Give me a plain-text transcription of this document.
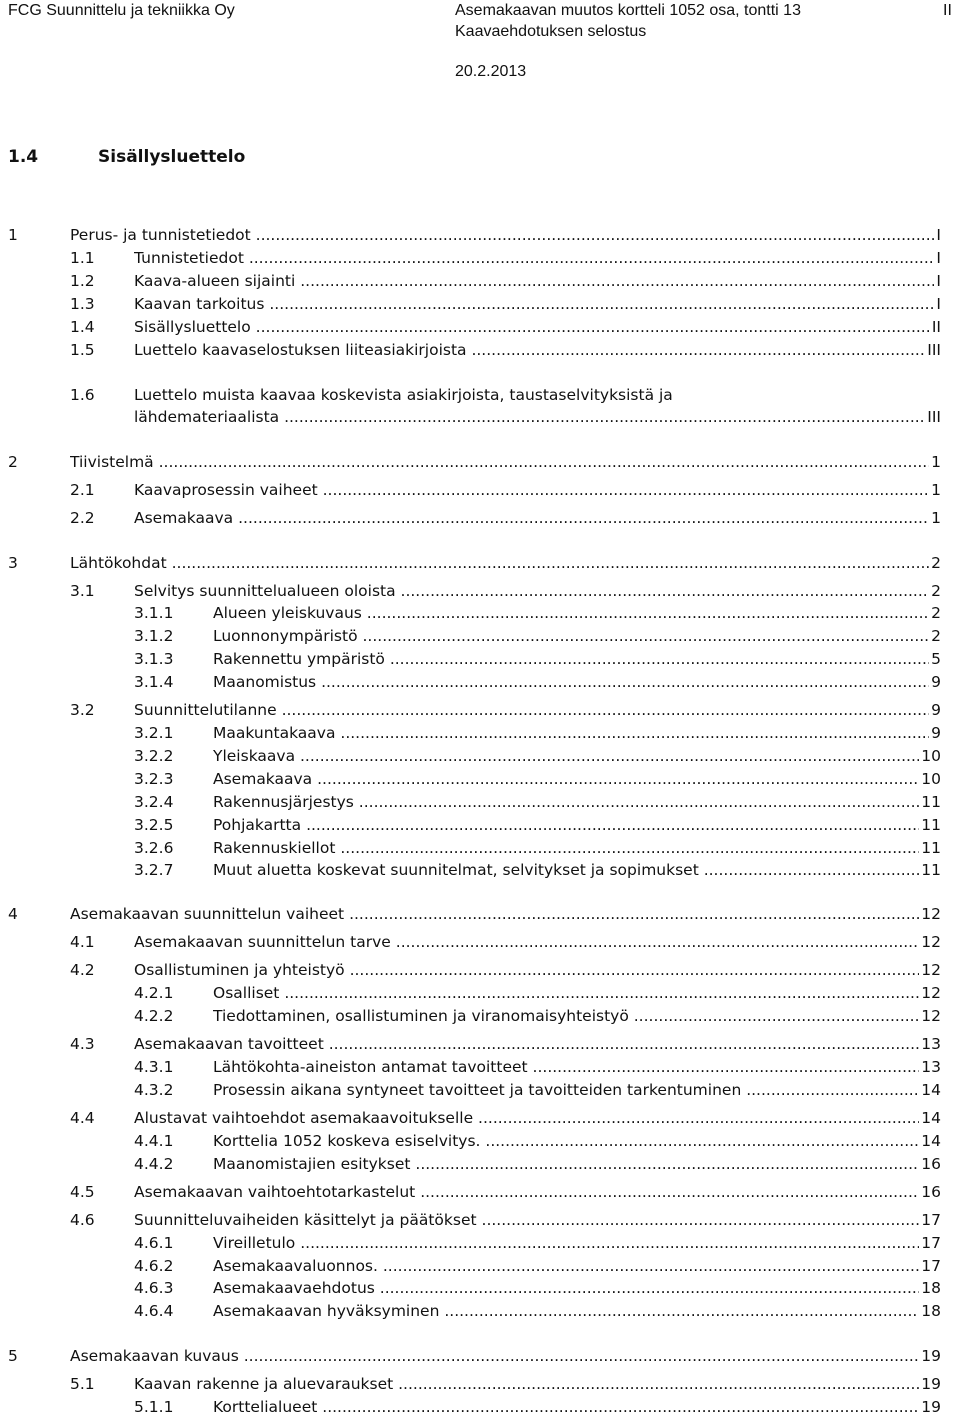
FCG Suunnittelu ja tekniikka Oy	Asemakaavan muutos kortteli 1052 osa, tontti 13
Kaavaehdotuksen selostus
II
20.2.2013
1.4	Sisällysluettelo
1	Perus- ja tunnistetiedot .....	I
1.1	Tunnistetiedot .....	I
1.2	Kaava-alueen sijainti .....	I
1.3	Kaavan tarkoitus .....	I
1.4	Sisällysluettelo .....	II
1.5	Luettelo kaavaselostuksen liiteasiakirjoista .....	III
1.6	Luettelo muista kaavaa koskevista asiakirjoista, taustaselvityksistä ja
lähdemateriaalista .....	III
2	Tiivistelmä .....	1
2.1	Kaavaprosessin vaiheet .....	1
2.2	Asemakaava .....	1
3	Lähtökohdat .....	2
3.1	Selvitys suunnittelualueen oloista .....	2
3.1.1	Alueen yleiskuvaus .....	2
3.1.2	Luonnonympäristö .....	2
3.1.3	Rakennettu ympäristö .....	5
3.1.4	Maanomistus .....	9
3.2	Suunnittelutilanne .....	9
3.2.1	Maakuntakaava .....	9
3.2.2	Yleiskaava .....	10
3.2.3	Asemakaava .....	10
3.2.4	Rakennusjärjestys .....	11
3.2.5	Pohjakartta .....	11
3.2.6	Rakennuskiellot .....	11
3.2.7	Muut aluetta koskevat suunnitelmat, selvitykset ja sopimukset .....	11
4	Asemakaavan suunnittelun vaiheet .....	12
4.1	Asemakaavan suunnittelun tarve .....	12
4.2	Osallistuminen ja yhteistyö .....	12
4.2.1	Osalliset .....	12
4.2.2	Tiedottaminen, osallistuminen ja viranomaisyhteistyö .....	12
4.3	Asemakaavan tavoitteet .....	13
4.3.1	Lähtökohta-aineiston antamat tavoitteet .....	13
4.3.2	Prosessin aikana syntyneet tavoitteet ja tavoitteiden tarkentuminen .....	14
4.4	Alustavat vaihtoehdot asemakaavoitukselle .....	14
4.4.1	Korttelia 1052 koskeva esiselvitys. .....	14
4.4.2	Maanomistajien esitykset .....	16
4.5	Asemakaavan vaihtoehtotarkastelut .....	16
4.6	Suunnitteluvaiheiden käsittelyt ja päätökset .....	17
4.6.1	Vireilletulo .....	17
4.6.2	Asemakaavaluonnos. .....	17
4.6.3	Asemakaavaehdotus .....	18
4.6.4	Asemakaavan hyväksyminen .....	18
5	Asemakaavan kuvaus .....	19
5.1	Kaavan rakenne ja aluevaraukset .....	19
5.1.1	Korttelialueet .....	19
